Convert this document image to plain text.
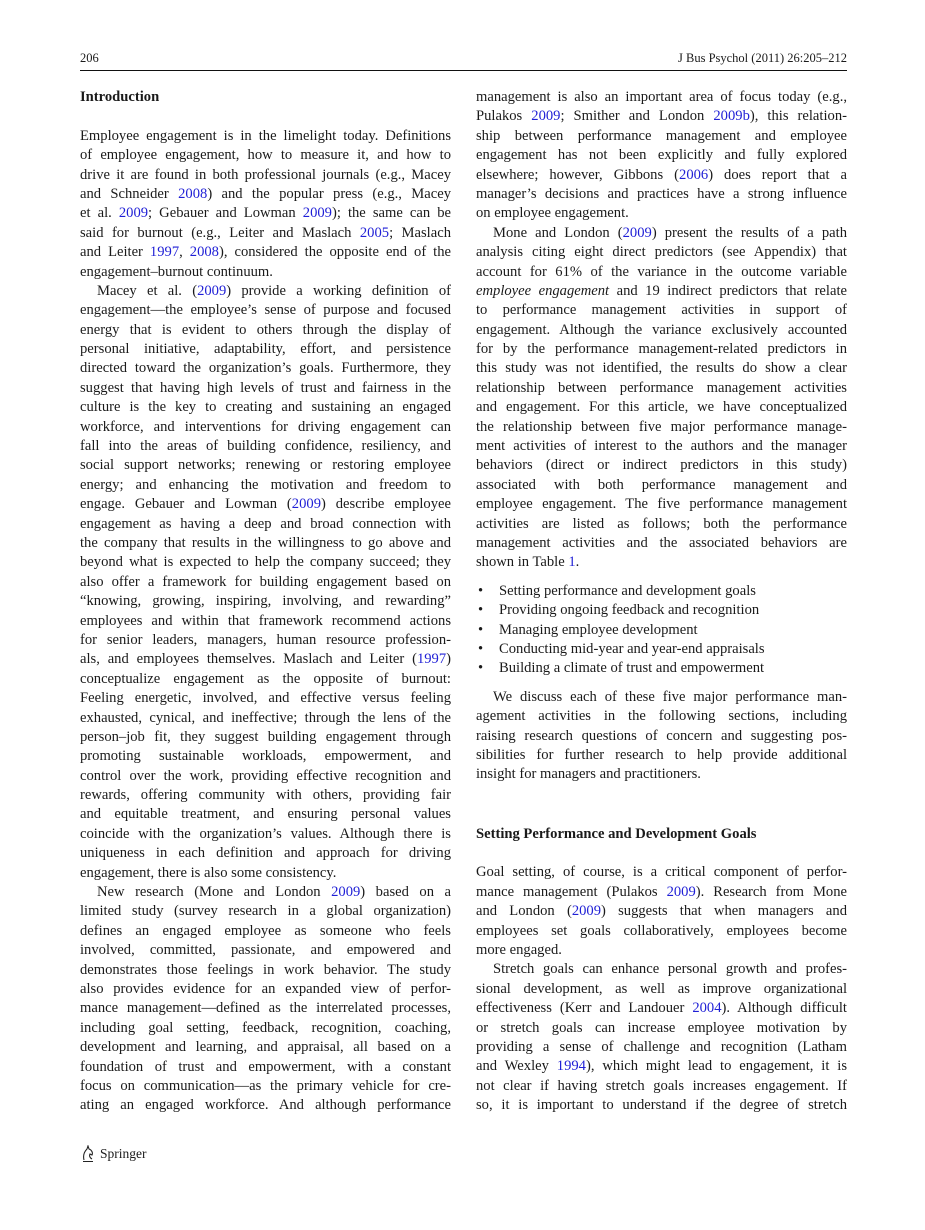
206	J Bus Psychol (2011) 26:205–212
Introduction
Employee engagement is in the limelight today. Definitions
of employee engagement, how to measure it, and how to
drive it are found in both professional journals (e.g., Macey
and Schneider 2008) and the popular press (e.g., Macey
et al. 2009; Gebauer and Lowman 2009); the same can be
said for burnout (e.g., Leiter and Maslach 2005; Maslach
and Leiter 1997, 2008), considered the opposite end of the
engagement–burnout continuum.
Macey et al. (2009) provide a working definition of
engagement—the employee’s sense of purpose and focused
energy that is evident to others through the display of
personal initiative, adaptability, effort, and persistence
directed toward the organization’s goals. Furthermore, they
suggest that having high levels of trust and fairness in the
culture is the key to creating and sustaining an engaged
workforce, and interventions for driving engagement can
fall into the areas of building confidence, resiliency, and
social support networks; renewing or restoring employee
energy; and enhancing the motivation and freedom to
engage. Gebauer and Lowman (2009) describe employee
engagement as having a deep and broad connection with
the company that results in the willingness to go above and
beyond what is expected to help the company succeed; they
also offer a framework for building engagement based on
“knowing, growing, inspiring, involving, and rewarding”
employees and within that framework recommend actions
for senior leaders, managers, human resource profession-
als, and employees themselves. Maslach and Leiter (1997)
conceptualize engagement as the opposite of burnout:
Feeling energetic, involved, and effective versus feeling
exhausted, cynical, and ineffective; through the lens of the
person–job fit, they suggest building engagement through
promoting sustainable workloads, empowerment, and
control over the work, providing effective recognition and
rewards, offering community with others, providing fair
and equitable treatment, and ensuring personal values
coincide with the organization’s values. Although there is
uniqueness in each definition and approach for driving
engagement, there is also some consistency.
New research (Mone and London 2009) based on a
limited study (survey research in a global organization)
defines an engaged employee as someone who feels
involved, committed, passionate, and empowered and
demonstrates those feelings in work behavior. The study
also provides evidence for an expanded view of perfor-
mance management—defined as the interrelated processes,
including goal setting, feedback, recognition, coaching,
development and learning, and appraisal, all based on a
foundation of trust and empowerment, with a constant
focus on communication—as the primary vehicle for cre-
ating an engaged workforce. And although performance
management is also an important area of focus today (e.g.,
Pulakos 2009; Smither and London 2009b), this relation-
ship between performance management and employee
engagement has not been explicitly and fully explored
elsewhere; however, Gibbons (2006) does report that a
manager’s decisions and practices have a strong influence
on employee engagement.
Mone and London (2009) present the results of a path
analysis citing eight direct predictors (see Appendix) that
account for 61% of the variance in the outcome variable
employee engagement and 19 indirect predictors that relate
to performance management activities in support of
engagement. Although the variance exclusively accounted
for by the performance management-related predictors in
this study was not identified, the results do show a clear
relationship between performance management activities
and engagement. For this article, we have conceptualized
the relationship between five major performance manage-
ment activities of interest to the authors and the manager
behaviors (direct or indirect predictors in this study)
associated with both performance management and
employee engagement. The five performance management
activities are listed as follows; both the performance
management activities and the associated behaviors are
shown in Table 1.
• Setting performance and development goals
• Providing ongoing feedback and recognition
• Managing employee development
• Conducting mid-year and year-end appraisals
• Building a climate of trust and empowerment
We discuss each of these five major performance man-
agement activities in the following sections, including
raising research questions of concern and suggesting pos-
sibilities for further research to help provide additional
insight for managers and practitioners.
Setting Performance and Development Goals
Goal setting, of course, is a critical component of perfor-
mance management (Pulakos 2009). Research from Mone
and London (2009) suggests that when managers and
employees set goals collaboratively, employees become
more engaged.
Stretch goals can enhance personal growth and profes-
sional development, as well as improve organizational
effectiveness (Kerr and Landouer 2004). Although difficult
or stretch goals can increase employee motivation by
providing a sense of challenge and recognition (Latham
and Wexley 1994), which might lead to engagement, it is
not clear if having stretch goals increases engagement. If
so, it is important to understand if the degree of stretch
Springer
